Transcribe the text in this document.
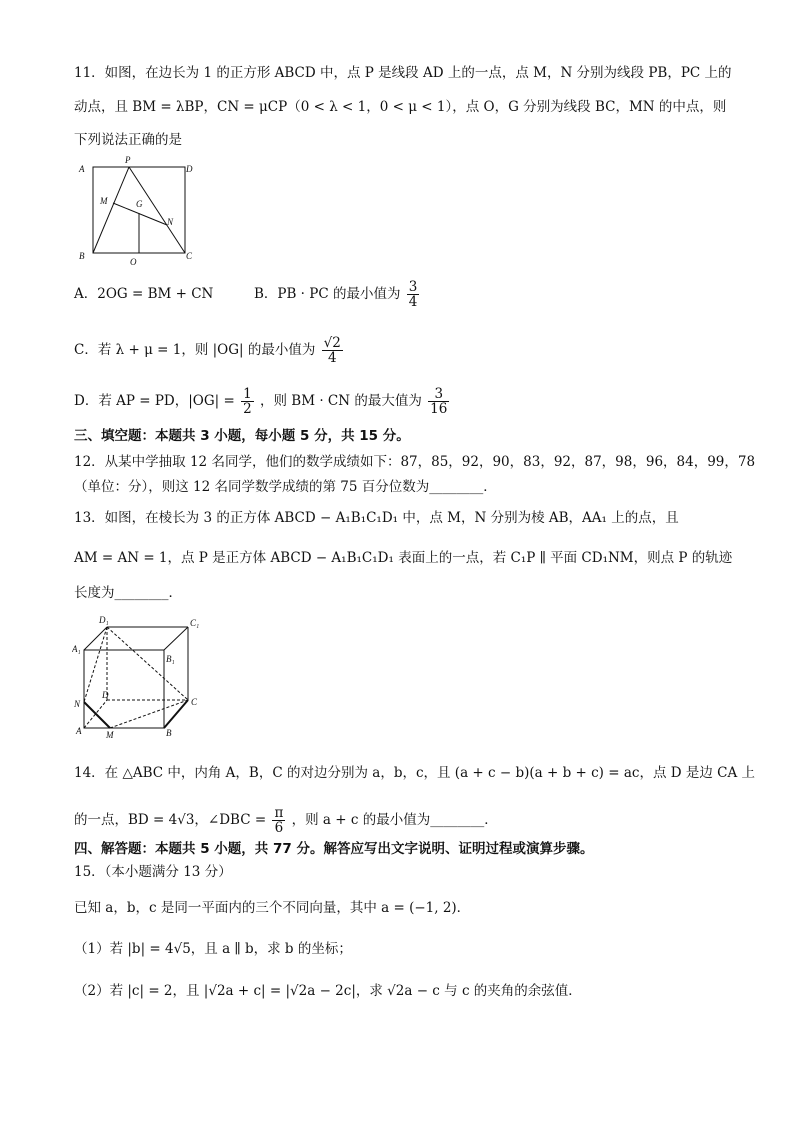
11．如图，在边长为 1 的正方形 ABCD 中，点 P 是线段 AD 上的一点，点 M，N 分别为线段 PB，PC 上的
动点，且 BM = λBP，CN = μCP（0 < λ < 1，0 < μ < 1），点 O，G 分别为线段 BC，MN 的中点，则
下列说法正确的是
A
P
D
M	G
N
B
O
C
A．2OG = BM + CN	B．PB · PC 的最小值为 $\frac{3}{4}$
C．若 λ + μ = 1，则 |OG| 的最小值为 $\frac{√2}{4}$
D．若 AP = PD，$|OG| = \frac{1}{2}$ ，则 BM · CN 的最大值为 $\frac{3}{16}$
三、填空题：本题共 3 小题，每小题 5 分，共 15 分。
12．从某中学抽取 12 名同学，他们的数学成绩如下：87，85，92，90，83，92，87，98，96，84，99，78
（单位：分），则这 12 名同学数学成绩的第 75 百分位数为________．
13．如图，在棱长为 3 的正方体 ABCD − A₁B₁C₁D₁ 中，点 M，N 分别为棱 AB，AA₁ 上的点，且
AM = AN = 1，点 P 是正方体 ABCD − A₁B₁C₁D₁ 表面上的一点，若 C₁P ∥ 平面 CD₁NM，则点 P 的轨迹
长度为________．
D₁	C₁
A₁
B₁
D
C
N
A	B
M
14．在 △ABC 中，内角 A，B，C 的对边分别为 a，b，c，且 (a + c − b)(a + b + c) = ac，点 D 是边 CA 上
的一点，BD = 4√3，∠DBC = $\frac{\pi}{6}$ ，则 a + c 的最小值为________．
四、解答题：本题共 5 小题，共 77 分。解答应写出文字说明、证明过程或演算步骤。
15．（本小题满分 13 分）
已知 a，b，c 是同一平面内的三个不同向量，其中 a = (−1, 2)．
（1）若 |b| = 4√5，且 a ∥ b，求 b 的坐标；
（2）若 |c| = 2，且 |√2a + c| = |√2a − 2c|，求 √2a − c 与 c 的夹角的余弦值．
